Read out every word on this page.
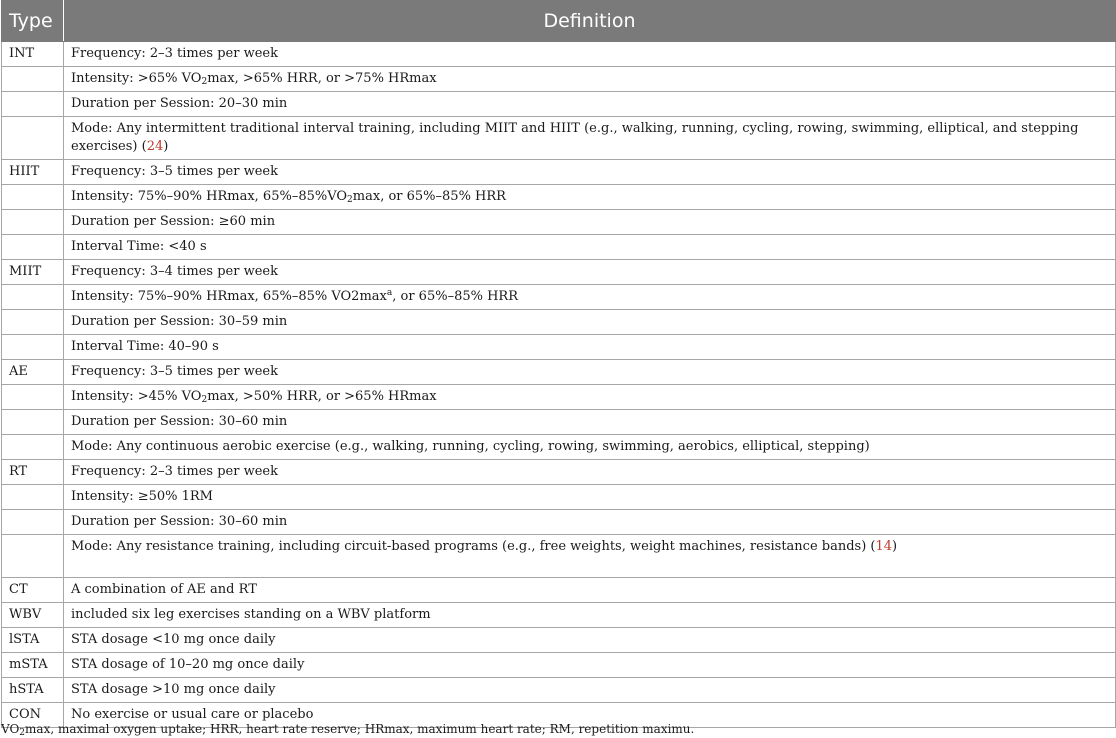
Type	Definition
INT	Frequency: 2–3 times per week
	Intensity: >65% $VO_2\max$, >65% HRR, or >75% HRmax
	Duration per Session: 20–30 min
	Mode: Any intermittent traditional interval training, including MIIT and HIIT (e.g., walking, running, cycling, rowing, swimming, elliptical, and stepping exercises) (24)
HIIT	Frequency: 3–5 times per week
	Intensity: 75%–90% HRmax, $65\%-85\%VO_2\max$, or 65%–85% HRR
	Duration per Session: ≥60 min
	Interval Time: <40 s
MIIT	Frequency: 3–4 times per week
	Intensity: 75%–90% HRmax, 65%–85% $VO2\max^a$, or 65%–85% HRR
	Duration per Session: 30–59 min
	Interval Time: 40–90 s
AE	Frequency: 3–5 times per week
	Intensity: >45% $VO_2\max$, >50% HRR, or >65% HRmax
	Duration per Session: 30–60 min
	Mode: Any continuous aerobic exercise (e.g., walking, running, cycling, rowing, swimming, aerobics, elliptical, stepping)
RT	Frequency: 2–3 times per week
	Intensity: ≥50% 1RM
	Duration per Session: 30–60 min
	Mode: Any resistance training, including circuit-based programs (e.g., free weights, weight machines, resistance bands) (14)
CT	A combination of AE and RT
WBV	included six leg exercises standing on a WBV platform
lSTA	STA dosage <10 mg once daily
mSTA	STA dosage of 10–20 mg once daily
hSTA	STA dosage >10 mg once daily
CON	No exercise or usual care or placebo
$VO_2\max$, maximal oxygen uptake; HRR, heart rate reserve; HRmax, maximum heart rate; RM, repetition maximu.
